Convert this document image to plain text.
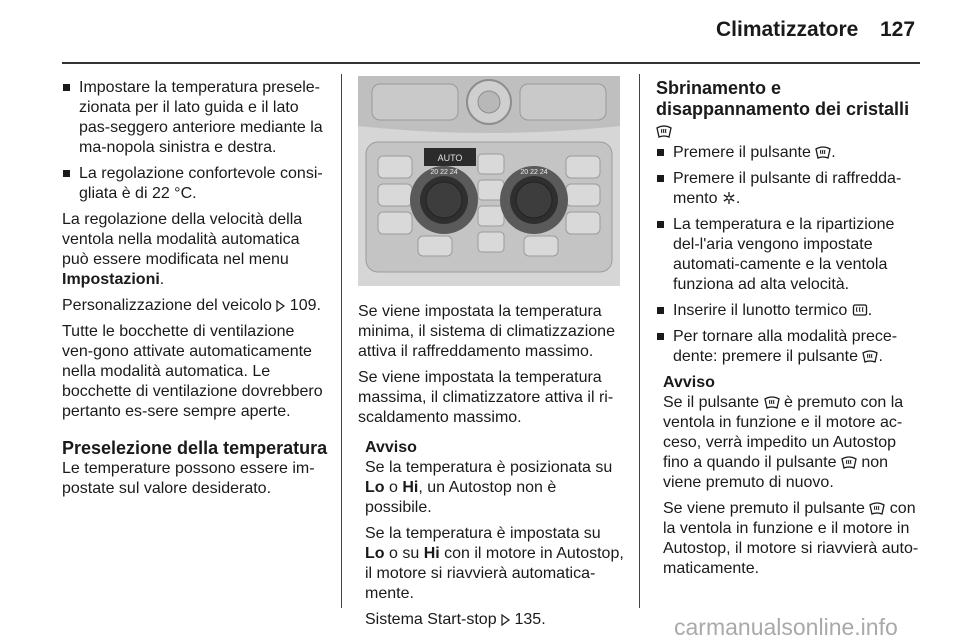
Climatizzatore 127
Impostare la temperatura presele-zionata per il lato guida e il lato pas-seggero anteriore mediante la ma-nopola sinistra e destra.
La regolazione confortevole consi-gliata è di 22 °C.

La regolazione della velocità della ventola nella modalità automatica può essere modificata nel menu Impostazioni.

Personalizzazione del veicolo  109.

Tutte le bocchette di ventilazione ven-gono attivate automaticamente nella modalità automatica. Le bocchette di ventilazione dovrebbero pertanto es-sere sempre aperte.

Preselezione della temperatura

Le temperature possono essere im-postate sul valore desiderato.

AUTO
20 22 24	20 22 24

Se viene impostata la temperatura minima, il sistema di climatizzazione attiva il raffreddamento massimo.

Se viene impostata la temperatura massima, il climatizzatore attiva il ri-scaldamento massimo.

Avviso

Se la temperatura è posizionata su Lo o Hi, un Autostop non è possibile.

Se la temperatura è impostata su Lo o su Hi con il motore in Autostop, il motore si riavvierà automatica-mente.

Sistema Start-stop  135.

Sbrinamento e disappannamento dei cristalli
Premere il pulsante .
Premere il pulsante di raffredda-mento .
La temperatura e la ripartizione del-l'aria vengono impostate automati-camente e la ventola funziona ad alta velocità.
Inserire il lunotto termico .
Per tornare alla modalità prece-dente: premere il pulsante .
Avviso

Se il pulsante  è premuto con la ventola in funzione e il motore ac-ceso, verrà impedito un Autostop fino a quando il pulsante  non viene premuto di nuovo.

Se viene premuto il pulsante  con la ventola in funzione e il motore in Autostop, il motore si riavvierà auto-maticamente.

carmanualsonline.info
